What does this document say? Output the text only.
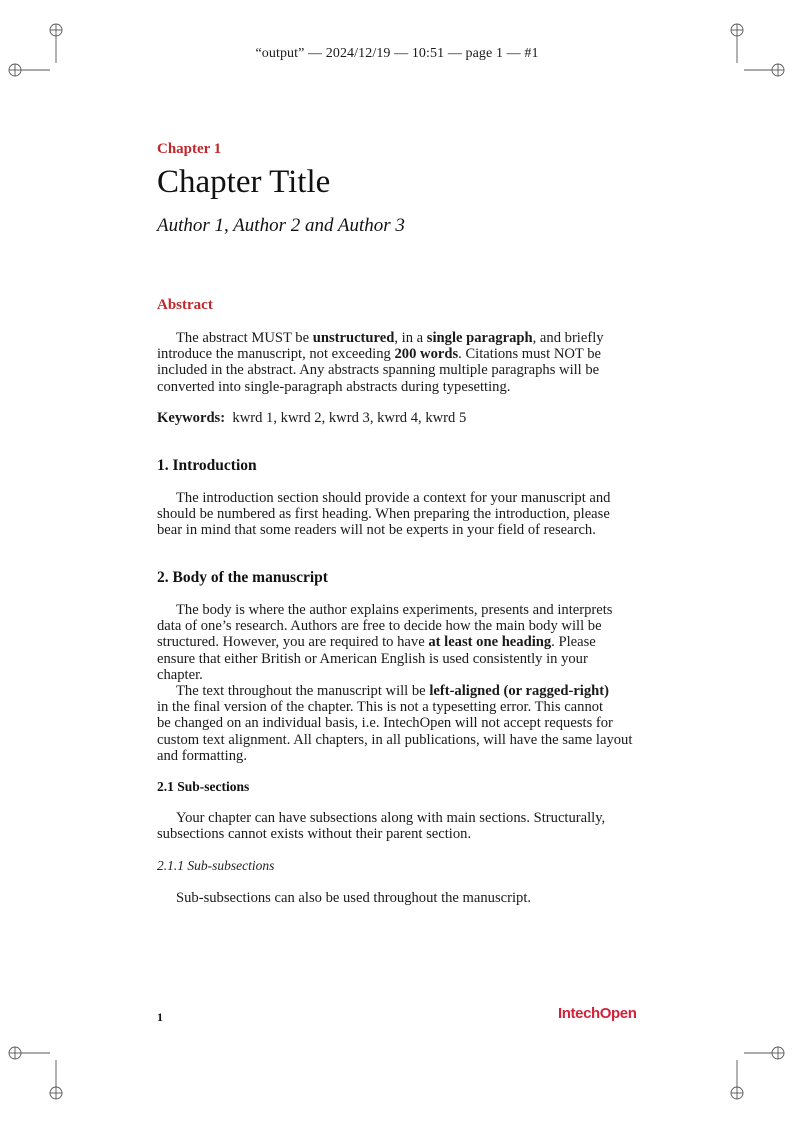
“output” — 2024/12/19 — 10:51 — page 1 — #1
Chapter 1
Chapter Title
Author 1, Author 2 and Author 3
Abstract
The abstract MUST be unstructured, in a single paragraph, and briefly
introduce the manuscript, not exceeding 200 words. Citations must NOT be
included in the abstract. Any abstracts spanning multiple paragraphs will be
converted into single-paragraph abstracts during typesetting.
Keywords: kwrd 1, kwrd 2, kwrd 3, kwrd 4, kwrd 5
1. Introduction
The introduction section should provide a context for your manuscript and
should be numbered as first heading. When preparing the introduction, please
bear in mind that some readers will not be experts in your field of research.
2. Body of the manuscript
The body is where the author explains experiments, presents and interprets
data of one’s research. Authors are free to decide how the main body will be
structured. However, you are required to have at least one heading. Please
ensure that either British or American English is used consistently in your
chapter.
The text throughout the manuscript will be left-aligned (or ragged-right)
in the final version of the chapter. This is not a typesetting error. This cannot
be changed on an individual basis, i.e. IntechOpen will not accept requests for
custom text alignment. All chapters, in all publications, will have the same layout
and formatting.
2.1 Sub-sections
Your chapter can have subsections along with main sections. Structurally,
subsections cannot exists without their parent section.
2.1.1 Sub-subsections
Sub-subsections can also be used throughout the manuscript.
1	IntechOpen
